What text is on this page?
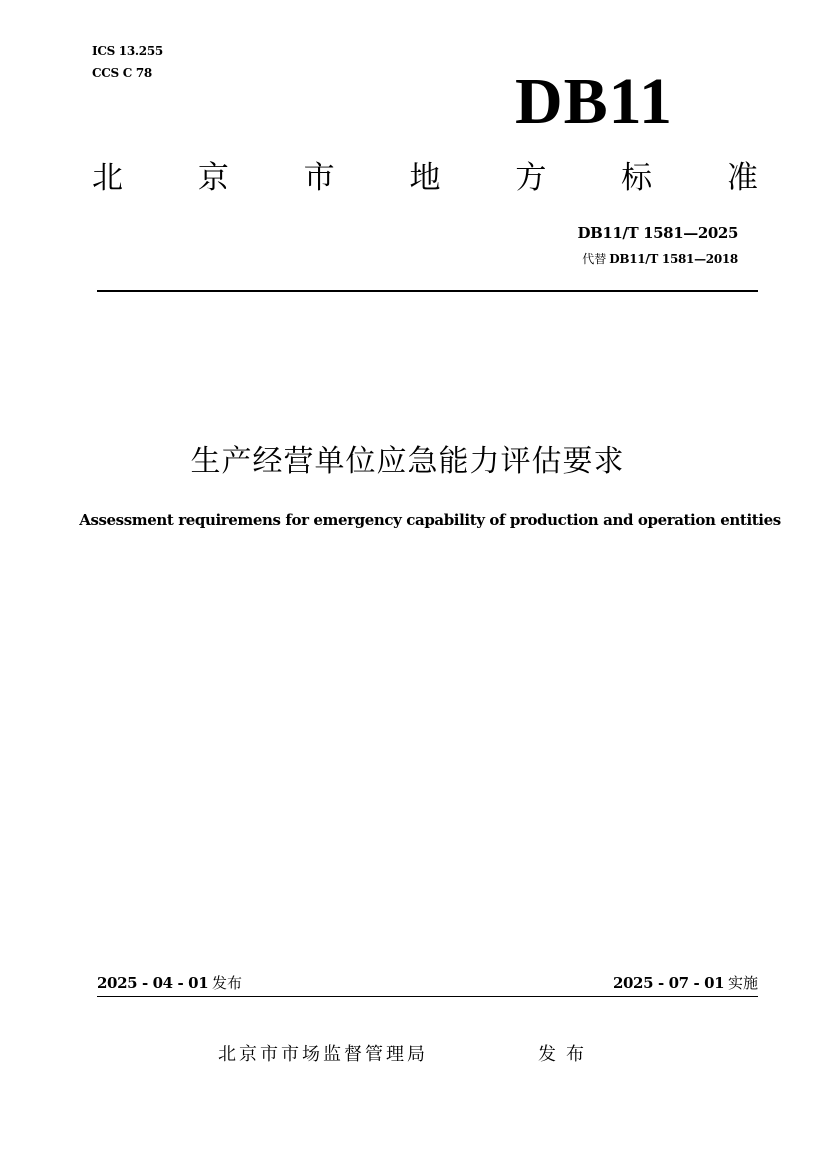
ICS 13.255
CCS C 78	DB11
北 京 市 地 方 标 准
DB11/T 1581—2025
代替 DB11/T 1581—2018
生产经营单位应急能力评估要求
Assessment requiremens for emergency capability of production and operation entities
2025 - 04 - 01 发布	2025 - 07 - 01 实施
北京市市场监督管理局	发布
